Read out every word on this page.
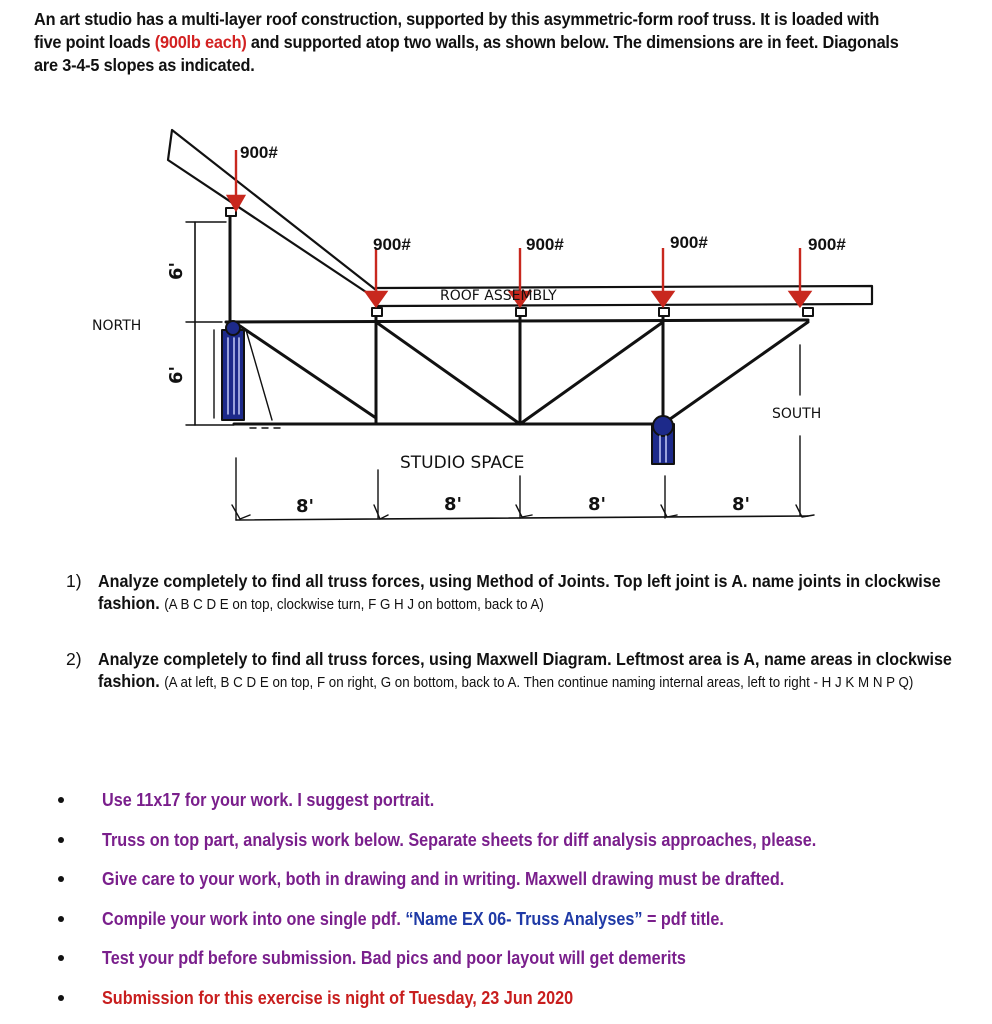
An art studio has a multi-layer roof construction, supported by this asymmetric-form roof truss. It is loaded with five point loads (900lb each) and supported atop two walls, as shown below. The dimensions are in feet. Diagonals are 3-4-5 slopes as indicated.
900#
900#	900#	900#	900#
ROOF ASSEMBLY
NORTH
SOUTH
STUDIO SPACE
6'
6'
8'	8'	8'	8'
1) Analyze completely to find all truss forces, using Method of Joints. Top left joint is A. name joints in clockwise fashion. (A B C D E on top, clockwise turn, F G H J on bottom, back to A)
2) Analyze completely to find all truss forces, using Maxwell Diagram. Leftmost area is A, name areas in clockwise fashion. (A at left, B C D E on top, F on right, G on bottom, back to A. Then continue naming internal areas, left to right - H J K M N P Q)
Use 11x17 for your work. I suggest portrait.
Truss on top part, analysis work below. Separate sheets for diff analysis approaches, please.
Give care to your work, both in drawing and in writing. Maxwell drawing must be drafted.
Compile your work into one single pdf. “Name EX 06- Truss Analyses” = pdf title.
Test your pdf before submission. Bad pics and poor layout will get demerits
Submission for this exercise is night of Tuesday, 23 Jun 2020
